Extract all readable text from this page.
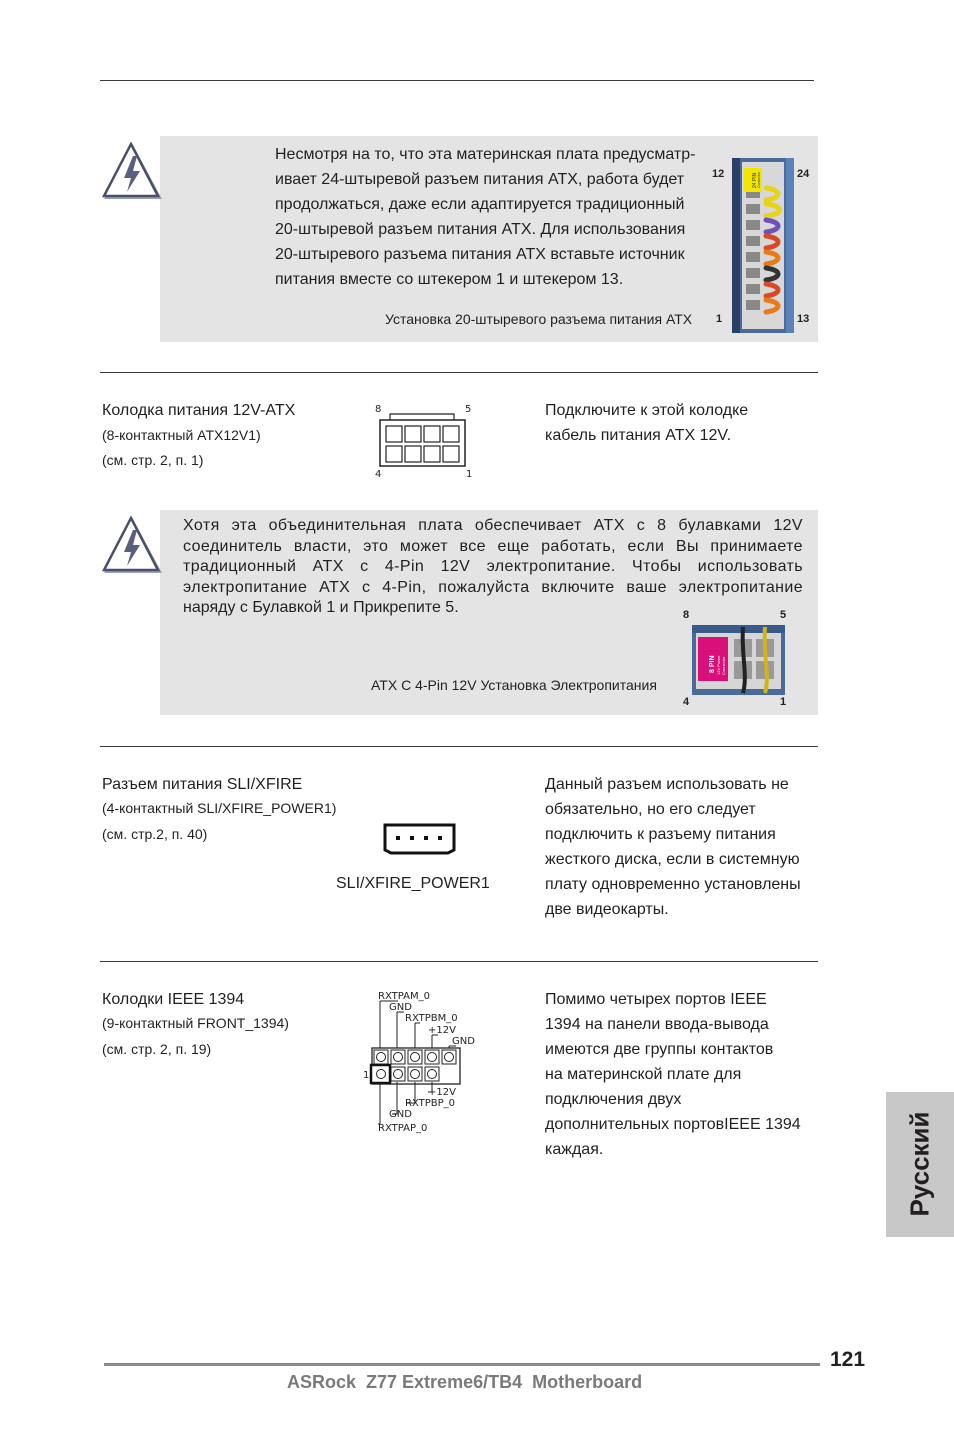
Несмотря на то, что эта материнская плата предусматр-
ивает 24-штыревой разъем питания ATX, работа будет
продолжаться, даже если адаптируется традиционный
20-штыревой разъем питания ATX. Для использования
20-штыревого разъема питания ATX вставьте источник
питания вместе со штекером 1 и штекером 13.
Установка 20-штыревого разъема питания ATX
12	24
1	13
24 PIN Connector
Колодка питания 12V-ATX
(8-контактный ATX12V1)
(см. стр. 2, п. 1)
8	5
4	1
Подключите к этой колодке
кабель питания ATX 12V.
Хотя эта объединительная плата обеспечивает ATX с 8 булавками 12V
соединитель власти, это может все еще работать, если Вы принимаете
традиционный ATX с 4-Pin 12V электропитание. Чтобы использовать
электропитание ATX с 4-Pin, пожалуйста включите ваше электропитание
наряду с Булавкой 1 и Прикрепите 5.
ATX С 4-Pin 12V Установка Электропитания
8	5
4	1
8 PIN 12V Power Connector
Разъем питания SLI/XFIRE
(4-контактный SLI/XFIRE_POWER1)
(см. стр.2, п. 40)
SLI/XFIRE_POWER1
Данный разъем использовать не
обязательно, но его следует
подключить к разъему питания
жесткого диска, если в системную
плату одновременно установлены
две видеокарты.
Колодки IEEE 1394
(9-контактный FRONT_1394)
(см. стр. 2, п. 19)
RXTPAM_0
GND
RXTPBM_0
+12V
GND
1
+12V
RXTPBP_0
GND
RXTPAP_0
Помимо четырех портов IEEE
1394 на панели ввода-вывода
имеются две группы контактов
на материнской плате для
подключения двух
дополнительных портовIEEE 1394
каждая.	Русский
121
ASRock  Z77 Extreme6/TB4  Motherboard
